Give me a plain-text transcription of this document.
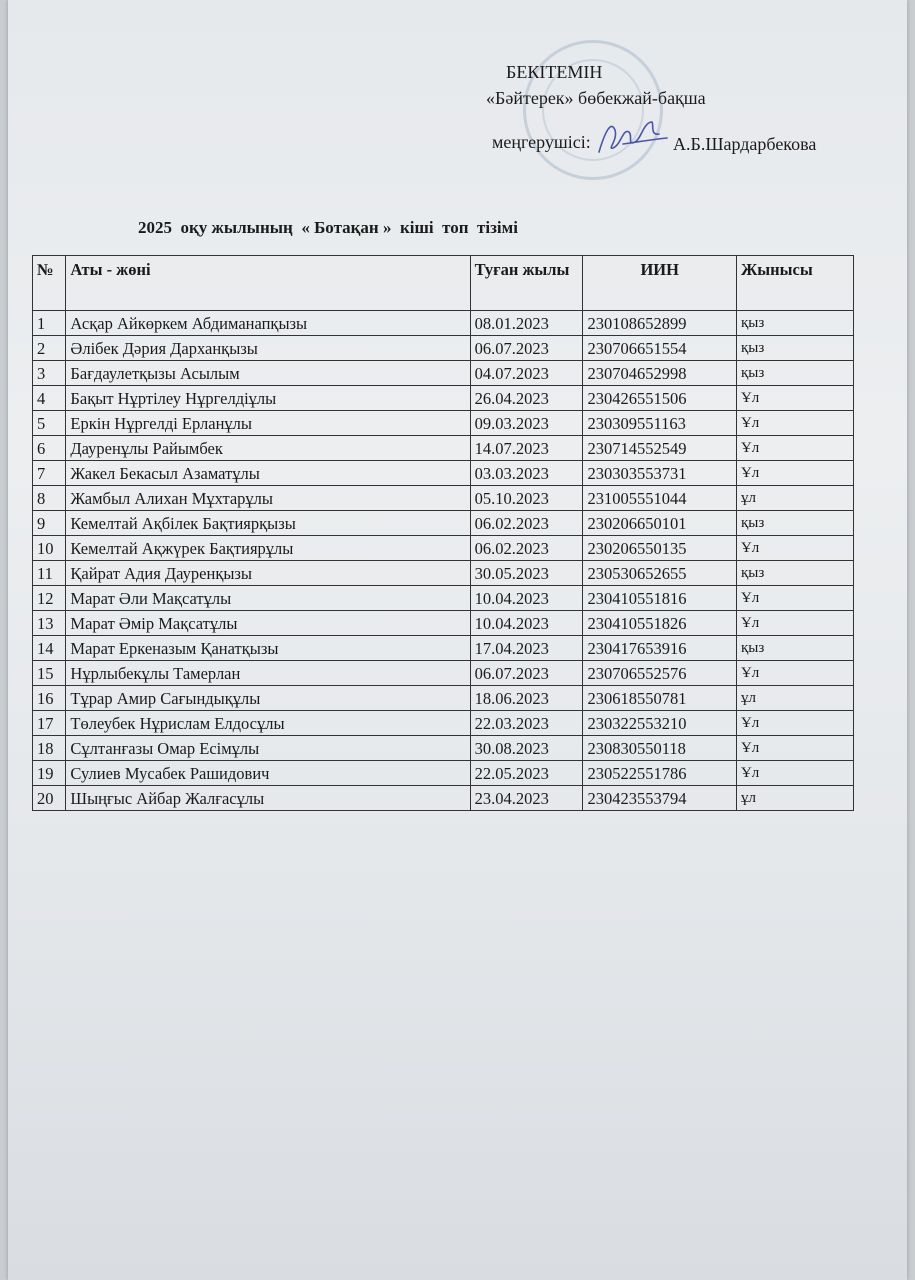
БЕКІТЕМІН
«Бәйтерек» бөбекжай-бақша
меңгерушісі:	А.Б.Шардарбекова
2025  оқу жылының  « Ботақан »  кіші  топ  тізімі
№	Аты - жөні	Туған жылы	ИИН	Жынысы
1	Асқар Айкөркем Абдиманапқызы	08.01.2023	230108652899	қыз
2	Әлібек Дәрия Дарханқызы	06.07.2023	230706651554	қыз
3	Бағдаулетқызы Асылым	04.07.2023	230704652998	қыз
4	Бақыт Нұртілеу Нұргелдіұлы	26.04.2023	230426551506	Ұл
5	Еркін Нұргелді Ерланұлы	09.03.2023	230309551163	Ұл
6	Дауренұлы Райымбек	14.07.2023	230714552549	Ұл
7	Жакел Бекасыл Азаматұлы	03.03.2023	230303553731	Ұл
8	Жамбыл Алихан Мұхтарұлы	05.10.2023	231005551044	ұл
9	Кемелтай Ақбілек Бақтиярқызы	06.02.2023	230206650101	қыз
10	Кемелтай Ақжүрек Бақтиярұлы	06.02.2023	230206550135	Ұл
11	Қайрат Адия Дауренқызы	30.05.2023	230530652655	қыз
12	Марат Әли Мақсатұлы	10.04.2023	230410551816	Ұл
13	Марат Әмір Мақсатұлы	10.04.2023	230410551826	Ұл
14	Марат Еркеназым Қанатқызы	17.04.2023	230417653916	қыз
15	Нұрлыбекұлы Тамерлан	06.07.2023	230706552576	Ұл
16	Тұрар Амир Сағындықұлы	18.06.2023	230618550781	ұл
17	Төлеубек Нұрислам Елдосұлы	22.03.2023	230322553210	Ұл
18	Сұлтанғазы Омар Есімұлы	30.08.2023	230830550118	Ұл
19	Сулиев Мусабек Рашидович	22.05.2023	230522551786	Ұл
20	Шыңғыс Айбар Жалғасұлы	23.04.2023	230423553794	ұл
